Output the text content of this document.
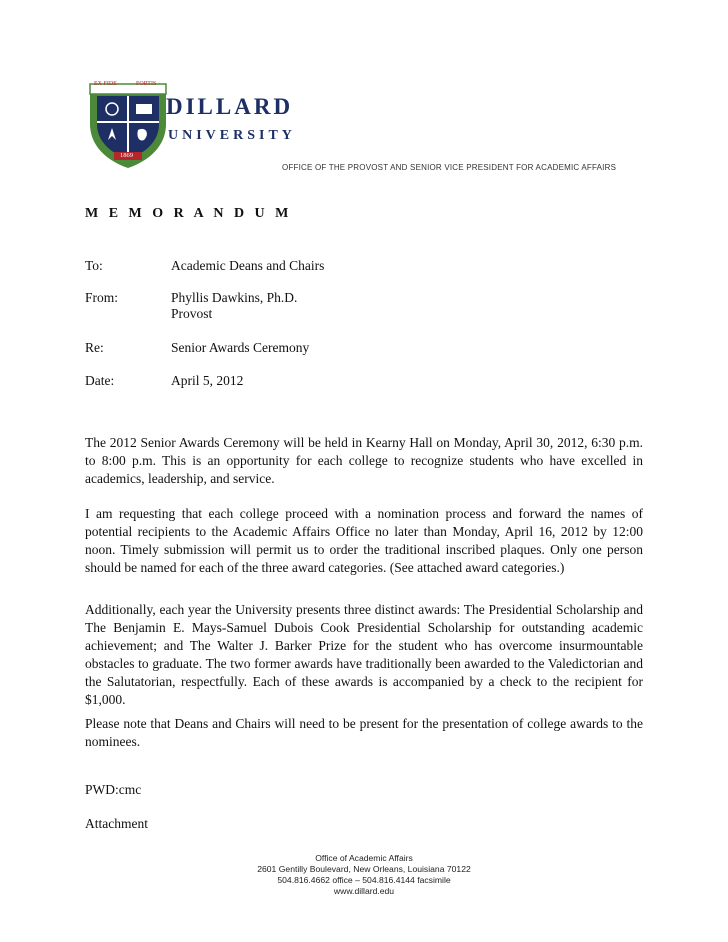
EX FIDE	FORTIS
1869
DILLARD
UNIVERSITY
OFFICE OF THE PROVOST AND SENIOR VICE PRESIDENT FOR ACADEMIC AFFAIRS
M E M O R A N D U M
To:	Academic Deans and Chairs
From:	Phyllis Dawkins, Ph.D.
Provost
Re:	Senior Awards Ceremony
Date:	April 5, 2012
The 2012 Senior Awards Ceremony will be held in Kearny Hall on Monday, April 30, 2012, 6:30 p.m. to 8:00 p.m. This is an opportunity for each college to recognize students who have excelled in academics, leadership, and service.
I am requesting that each college proceed with a nomination process and forward the names of potential recipients to the Academic Affairs Office no later than Monday, April 16, 2012 by 12:00 noon. Timely submission will permit us to order the traditional inscribed plaques. Only one person should be named for each of the three award categories. (See attached award categories.)
Additionally, each year the University presents three distinct awards: The Presidential Scholarship and The Benjamin E. Mays-Samuel Dubois Cook Presidential Scholarship for outstanding academic achievement; and The Walter J. Barker Prize for the student who has overcome insurmountable obstacles to graduate. The two former awards have traditionally been awarded to the Valedictorian and the Salutatorian, respectfully. Each of these awards is accompanied by a check to the recipient for $1,000.
Please note that Deans and Chairs will need to be present for the presentation of college awards to the nominees.
PWD:cmc
Attachment
Office of Academic Affairs
2601 Gentilly Boulevard, New Orleans, Louisiana 70122
504.816.4662 office – 504.816.4144 facsimile
www.dillard.edu
